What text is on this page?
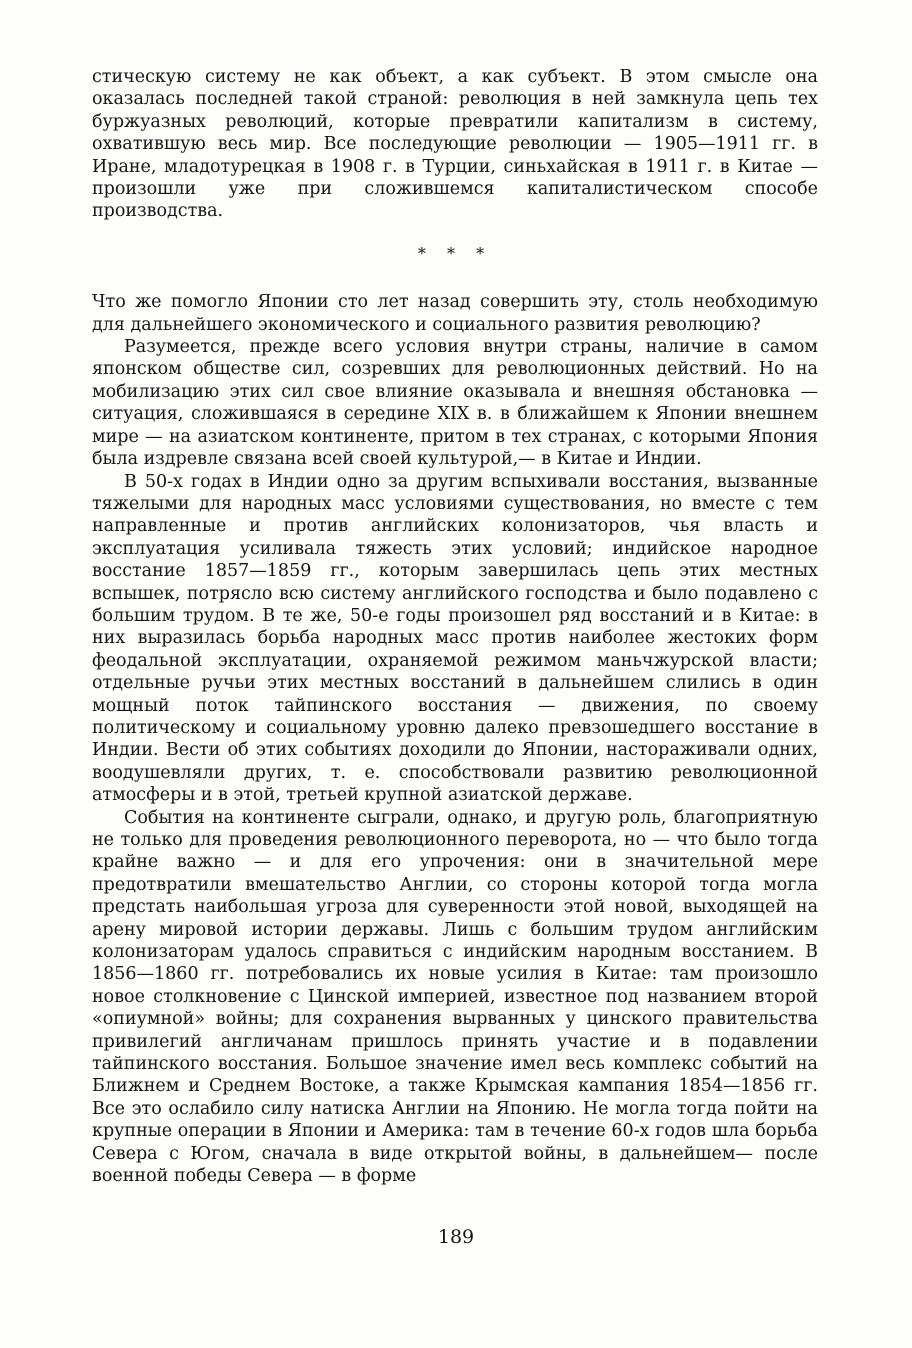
стическую систему не как объект, а как субъект. В этом смысле она оказалась последней такой страной: революция в ней замкнула цепь тех буржуазных революций, которые превратили капитализм в систему, охватившую весь мир. Все последующие революции — 1905—1911 гг. в Иране, младотурецкая в 1908 г. в Турции, синьхайская в 1911 г. в Китае — произошли уже при сложившемся капиталистическом способе производства.

* * *

Что же помогло Японии сто лет назад совершить эту, столь необходимую для дальнейшего экономического и социального развития революцию?

Разумеется, прежде всего условия внутри страны, наличие в самом японском обществе сил, созревших для революционных действий. Но на мобилизацию этих сил свое влияние оказывала и внешняя обстановка — ситуация, сложившаяся в середине XIX в. в ближайшем к Японии внешнем мире — на азиатском континенте, притом в тех странах, с которыми Япония была издревле связана всей своей культурой,— в Китае и Индии.

В 50-х годах в Индии одно за другим вспыхивали восстания, вызванные тяжелыми для народных масс условиями существования, но вместе с тем направленные и против английских колонизаторов, чья власть и эксплуатация усиливала тяжесть этих условий; индийское народное восстание 1857—1859 гг., которым завершилась цепь этих местных вспышек, потрясло всю систему английского господства и было подавлено с большим трудом. В те же, 50-е годы произошел ряд восстаний и в Китае: в них выразилась борьба народных масс против наиболее жестоких форм феодальной эксплуатации, охраняемой режимом маньчжурской власти; отдельные ручьи этих местных восстаний в дальнейшем слились в один мощный поток тайпинского восстания — движения, по своему политическому и социальному уровню далеко превзошедшего восстание в Индии. Вести об этих событиях доходили до Японии, настораживали одних, воодушевляли других, т. е. способствовали развитию революционной атмосферы и в этой, третьей крупной азиатской державе.

События на континенте сыграли, однако, и другую роль, благоприятную не только для проведения революционного переворота, но — что было тогда крайне важно — и для его упрочения: они в значительной мере предотвратили вмешательство Англии, со стороны которой тогда могла предстать наибольшая угроза для суверенности этой новой, выходящей на арену мировой истории державы. Лишь с большим трудом английским колонизаторам удалось справиться с индийским народным восстанием. В 1856—1860 гг. потребовались их новые усилия в Китае: там произошло новое столкновение с Цинской империей, известное под названием второй «опиумной» войны; для сохранения вырванных у цинского правительства привилегий англичанам пришлось принять участие и в подавлении тайпинского восстания. Большое значение имел весь комплекс событий на Ближнем и Среднем Востоке, а также Крымская кампания 1854—1856 гг. Все это ослабило силу натиска Англии на Японию. Не могла тогда пойти на крупные операции в Японии и Америка: там в течение 60-х годов шла борьба Севера с Югом, сначала в виде открытой войны, в дальнейшем— после военной победы Севера — в форме

189
